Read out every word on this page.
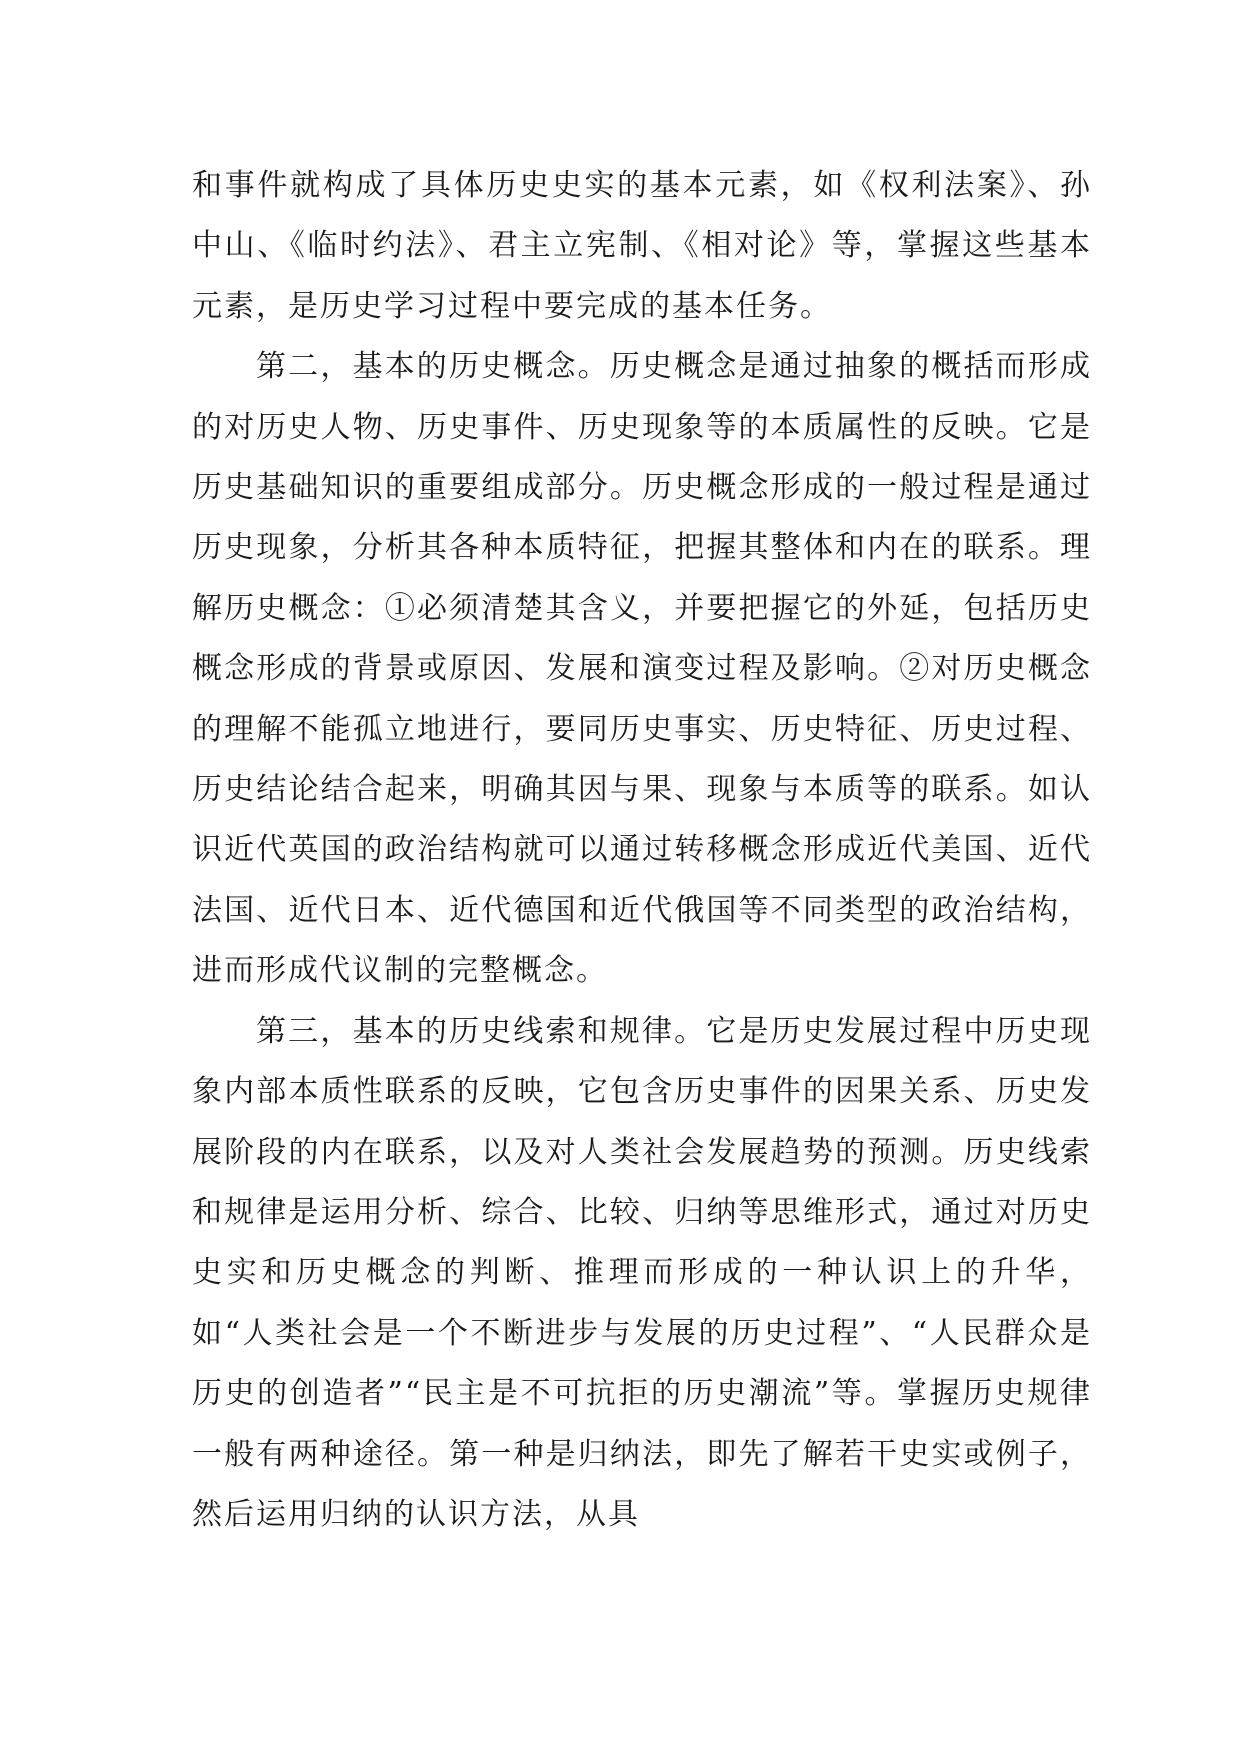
和事件就构成了具体历史史实的基本元素，如《权利法案》、孙中山、《临时约法》、君主立宪制、《相对论》等，掌握这些基本元素，是历史学习过程中要完成的基本任务。

第二，基本的历史概念。历史概念是通过抽象的概括而形成的对历史人物、历史事件、历史现象等的本质属性的反映。它是历史基础知识的重要组成部分。历史概念形成的一般过程是通过历史现象，分析其各种本质特征，把握其整体和内在的联系。理解历史概念：①必须清楚其含义，并要把握它的外延，包括历史概念形成的背景或原因、发展和演变过程及影响。②对历史概念的理解不能孤立地进行，要同历史事实、历史特征、历史过程、历史结论结合起来，明确其因与果、现象与本质等的联系。如认识近代英国的政治结构就可以通过转移概念形成近代美国、近代法国、近代日本、近代德国和近代俄国等不同类型的政治结构，进而形成代议制的完整概念。

第三，基本的历史线索和规律。它是历史发展过程中历史现象内部本质性联系的反映，它包含历史事件的因果关系、历史发展阶段的内在联系，以及对人类社会发展趋势的预测。历史线索和规律是运用分析、综合、比较、归纳等思维形式，通过对历史史实和历史概念的判断、推理而形成的一种认识上的升华，如“人类社会是一个不断进步与发展的历史过程”、“人民群众是历史的创造者”“民主是不可抗拒的历史潮流”等。掌握历史规律一般有两种途径。第一种是归纳法，即先了解若干史实或例子，然后运用归纳的认识方法，从具
